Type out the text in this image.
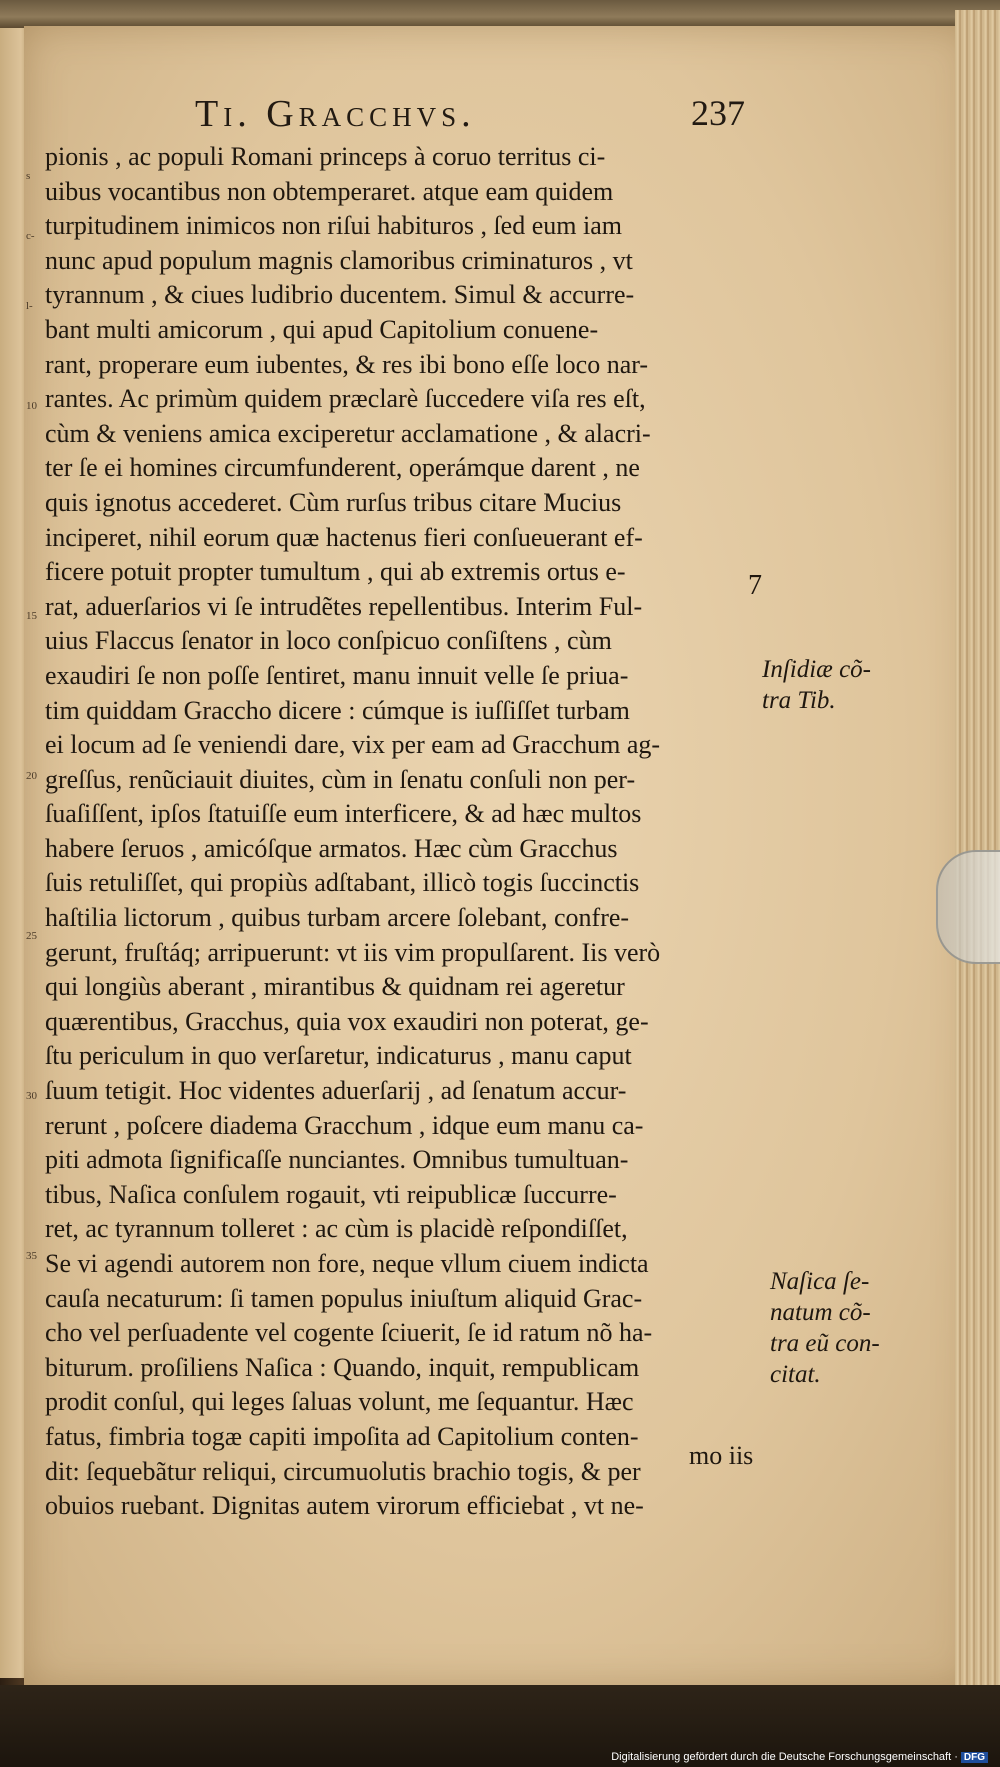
s
c-
l-
10
15
20
25
30
35
Ti. Gracchvs.	237
pionis , ac populi Romani princeps à coruo territus ci-
uibus vocantibus non obtemperaret. atque eam quidem
turpitudinem inimicos non riſui habituros , ſed eum iam
nunc apud populum magnis clamoribus criminaturos , vt
tyrannum , & ciues ludibrio ducentem. Simul & accurre-
bant multi amicorum , qui apud Capitolium conuene-
rant, properare eum iubentes, & res ibi bono eſſe loco nar-
rantes. Ac primùm quidem præclarè ſuccedere viſa res eſt,
cùm & veniens amica exciperetur acclamatione , & alacri-
ter ſe ei homines circumfunderent, operámque darent , ne
quis ignotus accederet. Cùm rurſus tribus citare Mucius
inciperet, nihil eorum quæ hactenus fieri conſueuerant ef-
ficere potuit propter tumultum , qui ab extremis ortus e-
rat, aduerſarios vi ſe intrudẽtes repellentibus. Interim Ful-
uius Flaccus ſenator in loco conſpicuo conſiſtens , cùm
exaudiri ſe non poſſe ſentiret, manu innuit velle ſe priua-
tim quiddam Graccho dicere : cúmque is iuſſiſſet turbam
ei locum ad ſe veniendi dare, vix per eam ad Gracchum ag-
greſſus, renũciauit diuites, cùm in ſenatu conſuli non per-
ſuaſiſſent, ipſos ſtatuiſſe eum interficere, & ad hæc multos
habere ſeruos , amicóſque armatos. Hæc cùm Gracchus
ſuis retuliſſet, qui propiùs adſtabant, illicò togis ſuccinctis
haſtilia lictorum , quibus turbam arcere ſolebant, confre-
gerunt, fruſtáq; arripuerunt: vt iis vim propulſarent. Iis verò
qui longiùs aberant , mirantibus & quidnam rei ageretur
quærentibus, Gracchus, quia vox exaudiri non poterat, ge-
ſtu periculum in quo verſaretur, indicaturus , manu caput
ſuum tetigit. Hoc videntes aduerſarij , ad ſenatum accur-
rerunt , poſcere diadema Gracchum , idque eum manu ca-
piti admota ſignificaſſe nunciantes. Omnibus tumultuan-
tibus, Naſica conſulem rogauit, vti reipublicæ ſuccurre-
ret, ac tyrannum tolleret : ac cùm is placidè reſpondiſſet,
Se vi agendi autorem non fore, neque vllum ciuem indicta
cauſa necaturum: ſi tamen populus iniuſtum aliquid Grac-
cho vel perſuadente vel cogente ſciuerit, ſe id ratum nõ ha-
biturum. proſiliens Naſica : Quando, inquit, rempublicam
prodit conſul, qui leges ſaluas volunt, me ſequantur. Hæc
fatus, fimbria togæ capiti impoſita ad Capitolium conten-
dit: ſequebãtur reliqui, circumuolutis brachio togis, & per
obuios ruebant. Dignitas autem virorum efficiebat , vt ne-
7
Inſidiæ cõ-
tra Tib.
Naſica ſe-
natum cõ-
tra eũ con-
citat.
mo iis
Digitalisierung gefördert durch die Deutsche Forschungsgemeinschaft · DFG
